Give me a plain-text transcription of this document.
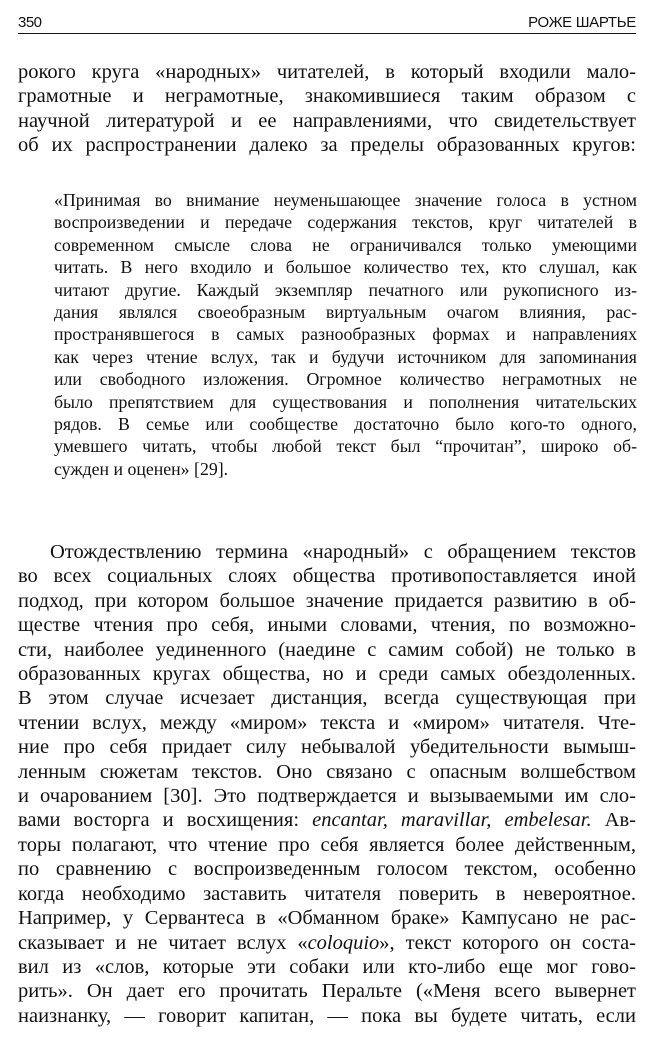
350	РОЖЕ ШАРТЬЕ
рокого круга «народных» читателей, в который входили мало-
грамотные и неграмотные, знакомившиеся таким образом с
научной литературой и ее направлениями, что свидетельствует
об их распространении далеко за пределы образованных кругов:
«Принимая во внимание неуменьшающее значение голоса в устном
воспроизведении и передаче содержания текстов, круг читателей в
современном смысле слова не ограничивался только умеющими
читать. В него входило и большое количество тех, кто слушал, как
читают другие. Каждый экземпляр печатного или рукописного из-
дания являлся своеобразным виртуальным очагом влияния, рас-
пространявшегося в самых разнообразных формах и направлениях
как через чтение вслух, так и будучи источником для запоминания
или свободного изложения. Огромное количество неграмотных не
было препятствием для существования и пополнения читательских
рядов. В семье или сообществе достаточно было кого-то одного,
умевшего читать, чтобы любой текст был “прочитан”, широко об-
сужден и оценен» [29].
Отождествлению термина «народный» с обращением текстов
во всех социальных слоях общества противопоставляется иной
подход, при котором большое значение придается развитию в об-
ществе чтения про себя, иными словами, чтения, по возможно-
сти, наиболее уединенного (наедине с самим собой) не только в
образованных кругах общества, но и среди самых обездоленных.
В этом случае исчезает дистанция, всегда существующая при
чтении вслух, между «миром» текста и «миром» читателя. Чте-
ние про себя придает силу небывалой убедительности вымыш-
ленным сюжетам текстов. Оно связано с опасным волшебством
и очарованием [30]. Это подтверждается и вызываемыми им сло-
вами восторга и восхищения: encantar, maravillar, embelesar. Ав-
торы полагают, что чтение про себя является более действенным,
по сравнению с воспроизведенным голосом текстом, особенно
когда необходимо заставить читателя поверить в невероятное.
Например, у Сервантеса в «Обманном браке» Кампусано не рас-
сказывает и не читает вслух «coloquio», текст которого он соста-
вил из «слов, которые эти собаки или кто-либо еще мог гово-
рить». Он дает его прочитать Перальте («Меня всего вывернет
наизнанку, — говорит капитан, — пока вы будете читать, если
